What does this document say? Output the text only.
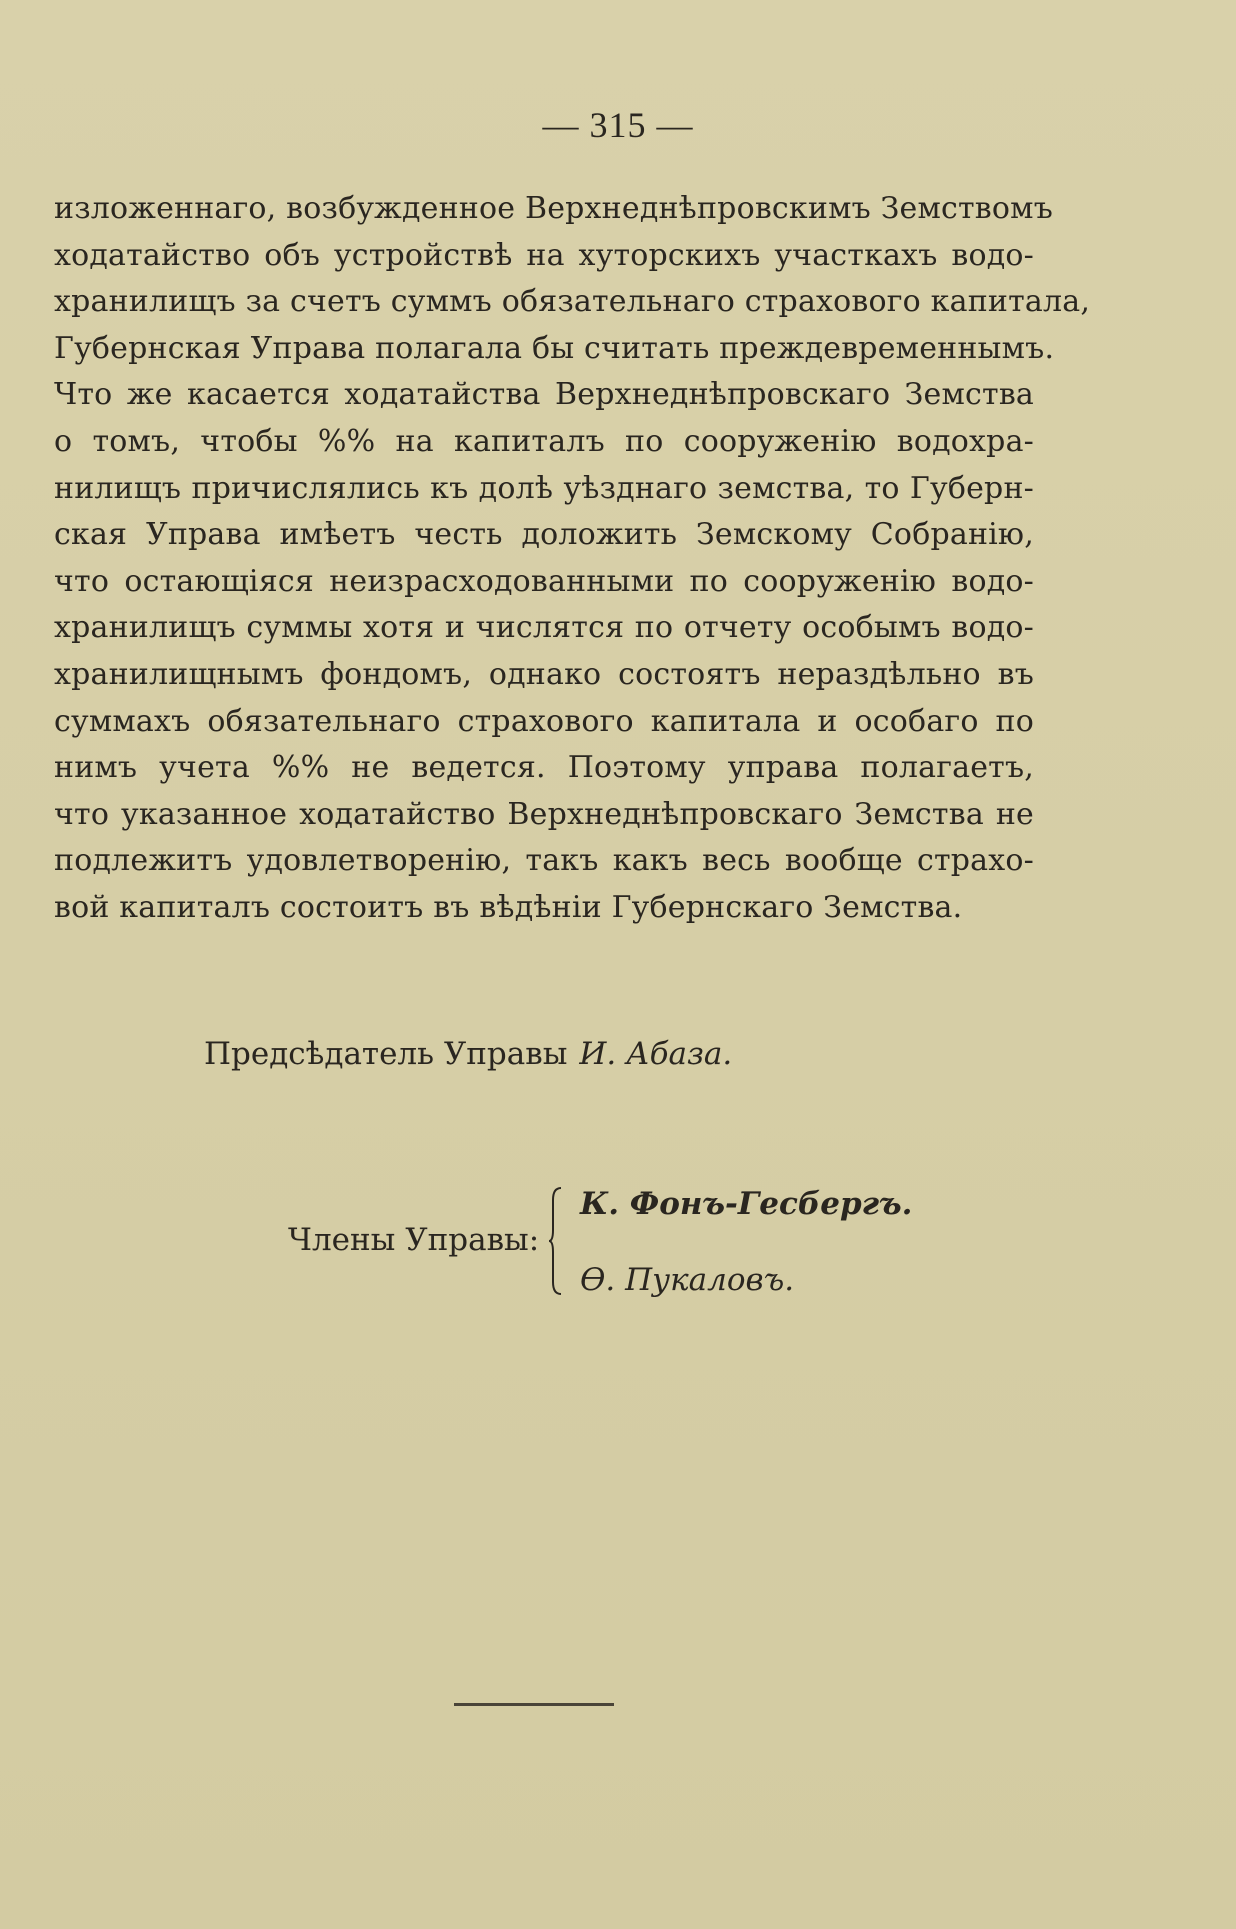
— 315 —
изложеннаго, возбужденное Верхнеднѣпровскимъ Земствомъ
ходатайство объ устройствѣ на хуторскихъ участкахъ водо-
хранилищъ за счетъ суммъ обязательнаго страхового капитала,
Губернская Управа полагала бы считать преждевременнымъ.
Что же касается ходатайства Верхнеднѣпровскаго Земства
о томъ, чтобы %% на капиталъ по сооруженію водохра-
нилищъ причислялись къ долѣ уѣзднаго земства, то Губерн-
ская Управа имѣетъ честь доложить Земскому Собранію,
что остающіяся неизрасходованными по сооруженію водо-
хранилищъ суммы хотя и числятся по отчету особымъ водо-
хранилищнымъ фондомъ, однако состоятъ нераздѣльно въ
суммахъ обязательнаго страхового капитала и особаго по
нимъ учета %% не ведется. Поэтому управа полагаетъ,
что указанное ходатайство Верхнеднѣпровскаго Земства не
подлежитъ удовлетворенію, такъ какъ весь вообще страхо-
вой капиталъ состоитъ въ вѣдѣніи Губернскаго Земства.
Предсѣдатель Управы И. Абаза.
Члены Управы:
К. Фонъ-Гесбергъ.
Ѳ. Пукаловъ.
